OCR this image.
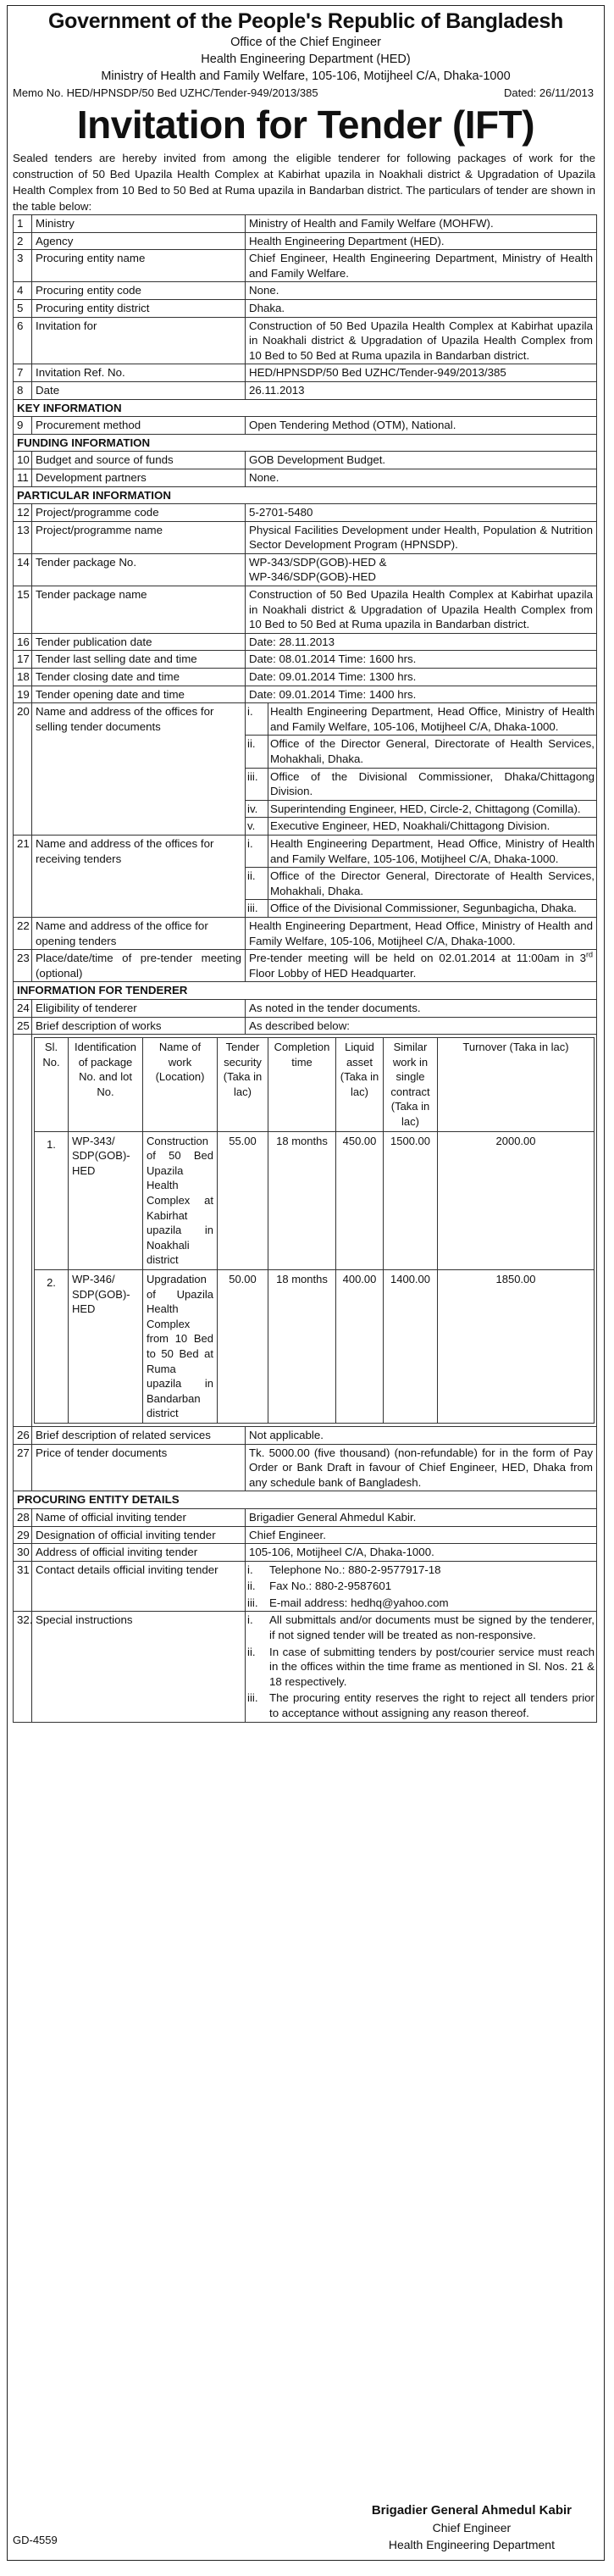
Government of the People's Republic of Bangladesh
Office of the Chief Engineer
Health Engineering Department (HED)
Ministry of Health and Family Welfare, 105-106, Motijheel C/A, Dhaka-1000
Memo No. HED/HPNSDP/50 Bed UZHC/Tender-949/2013/385	Dated: 26/11/2013
Invitation for Tender (IFT)
Sealed tenders are hereby invited from among the eligible tenderer for following packages of work for the construction of 50 Bed Upazila Health Complex at Kabirhat upazila in Noakhali district & Upgradation of Upazila Health Complex from 10 Bed to 50 Bed at Ruma upazila in Bandarban district. The particulars of tender are shown in the table below:
1	Ministry	Ministry of Health and Family Welfare (MOHFW).
2	Agency	Health Engineering Department (HED).
3	Procuring entity name	Chief Engineer, Health Engineering Department, Ministry of Health and Family Welfare.
4	Procuring entity code	None.
5	Procuring entity district	Dhaka.
6	Invitation for	Construction of 50 Bed Upazila Health Complex at Kabirhat upazila in Noakhali district & Upgradation of Upazila Health Complex from 10 Bed to 50 Bed at Ruma upazila in Bandarban district.
7	Invitation Ref. No.	HED/HPNSDP/50 Bed UZHC/Tender-949/2013/385
8	Date	26.11.2013
KEY INFORMATION
9	Procurement method	Open Tendering Method (OTM), National.
FUNDING INFORMATION
10	Budget and source of funds	GOB Development Budget.
11	Development partners	None.
PARTICULAR INFORMATION
12	Project/programme code	5-2701-5480
13	Project/programme name	Physical Facilities Development under Health, Population & Nutrition Sector Development Program (HPNSDP).
14	Tender package No.	WP-343/SDP(GOB)-HED &
WP-346/SDP(GOB)-HED

15	Tender package name	Construction of 50 Bed Upazila Health Complex at Kabirhat upazila in Noakhali district & Upgradation of Upazila Health Complex from 10 Bed to 50 Bed at Ruma upazila in Bandarban district.
16	Tender publication date	Date: 28.11.2013
17	Tender last selling date and time	Date: 08.01.2014 Time: 1600 hrs.
18	Tender closing date and time	Date: 09.01.2014 Time: 1300 hrs.
19	Tender opening date and time	Date: 09.01.2014 Time: 1400 hrs.
20	Name and address of the offices for selling tender documents	
i.	Health Engineering Department, Head Office, Ministry of Health and Family Welfare, 105-106, Motijheel C/A, Dhaka-1000.
ii.	Office of the Director General, Directorate of Health Services, Mohakhali, Dhaka.
iii.	Office of the Divisional Commissioner, Dhaka/Chittagong Division.
iv.	Superintending Engineer, HED, Circle-2, Chittagong (Comilla).
v.	Executive Engineer, HED, Noakhali/Chittagong Division.

21	Name and address of the offices for receiving tenders	
i.	Health Engineering Department, Head Office, Ministry of Health and Family Welfare, 105-106, Motijheel C/A, Dhaka-1000.
ii.	Office of the Director General, Directorate of Health Services, Mohakhali, Dhaka.
iii.	Office of the Divisional Commissioner, Segunbagicha, Dhaka.

22	Name and address of the office for opening tenders	Health Engineering Department, Head Office, Ministry of Health and Family Welfare, 105-106, Motijheel C/A, Dhaka-1000.
23	Place/date/time of pre-tender meeting (optional)	Pre-tender meeting will be held on 02.01.2014 at 11:00am in 3rd Floor Lobby of HED Headquarter.
INFORMATION FOR TENDERER
24	Eligibility of tenderer	As noted in the tender documents.
25	Brief description of works	As described below:

Sl. No.	Identification of package No. and lot No.	Name of work (Location)	Tender security (Taka in lac)	Completion time	Liquid asset (Taka in lac)	Similar work in single contract (Taka in lac)	Turnover (Taka in lac)
1.	WP-343/ SDP(GOB)- HED	Construction of 50 Bed Upazila Health Complex at Kabirhat upazila in Noakhali district	55.00	18 months	450.00	1500.00	2000.00
2.	WP-346/ SDP(GOB)- HED	Upgradation of Upazila Health Complex from 10 Bed to 50 Bed at Ruma upazila in Bandarban district	50.00	18 months	400.00	1400.00	1850.00

26	Brief description of related services	Not applicable.
27	Price of tender documents	Tk. 5000.00 (five thousand) (non-refundable) for in the form of Pay Order or Bank Draft in favour of Chief Engineer, HED, Dhaka from any schedule bank of Bangladesh.
PROCURING ENTITY DETAILS
28	Name of official inviting tender	Brigadier General Ahmedul Kabir.
29	Designation of official inviting tender	Chief Engineer.
30	Address of official inviting tender	105-106, Motijheel C/A, Dhaka-1000.
31	Contact details official inviting tender		i.	Telephone No.: 880-2-9577917-18
ii.	Fax No.: 880-2-9587601
iii.	E-mail address: hedhq@yahoo.com

32.	Special instructions		i.	All submittals and/or documents must be signed by the tenderer, if not signed tender will be treated as non-responsive.
ii.	In case of submitting tenders by post/courier service must reach in the offices within the time frame as mentioned in Sl. Nos. 21 & 18 respectively.
iii.	The procuring entity reserves the right to reject all tenders prior to acceptance without assigning any reason thereof.
GD-4559
Brigadier General Ahmedul Kabir
Chief Engineer
Health Engineering Department
